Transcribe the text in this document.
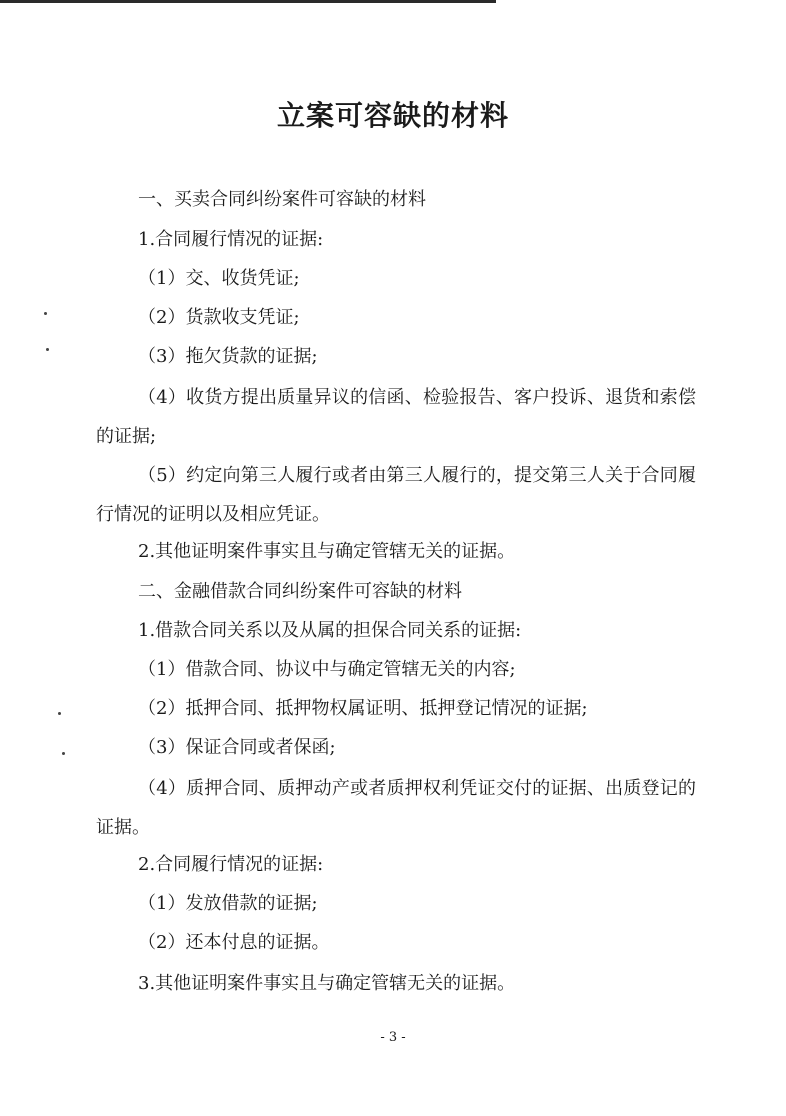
立案可容缺的材料
一、买卖合同纠纷案件可容缺的材料
1.合同履行情况的证据:
（1）交、收货凭证;
（2）货款收支凭证;
（3）拖欠货款的证据;
（4）收货方提出质量异议的信函、检验报告、客户投诉、退货和索偿的证据;
（5）约定向第三人履行或者由第三人履行的，提交第三人关于合同履行情况的证明以及相应凭证。
2.其他证明案件事实且与确定管辖无关的证据。
二、金融借款合同纠纷案件可容缺的材料
1.借款合同关系以及从属的担保合同关系的证据:
（1）借款合同、协议中与确定管辖无关的内容;
（2）抵押合同、抵押物权属证明、抵押登记情况的证据;
（3）保证合同或者保函;
（4）质押合同、质押动产或者质押权利凭证交付的证据、出质登记的证据。
2.合同履行情况的证据:
（1）发放借款的证据;
（2）还本付息的证据。
3.其他证明案件事实且与确定管辖无关的证据。
- 3 -
